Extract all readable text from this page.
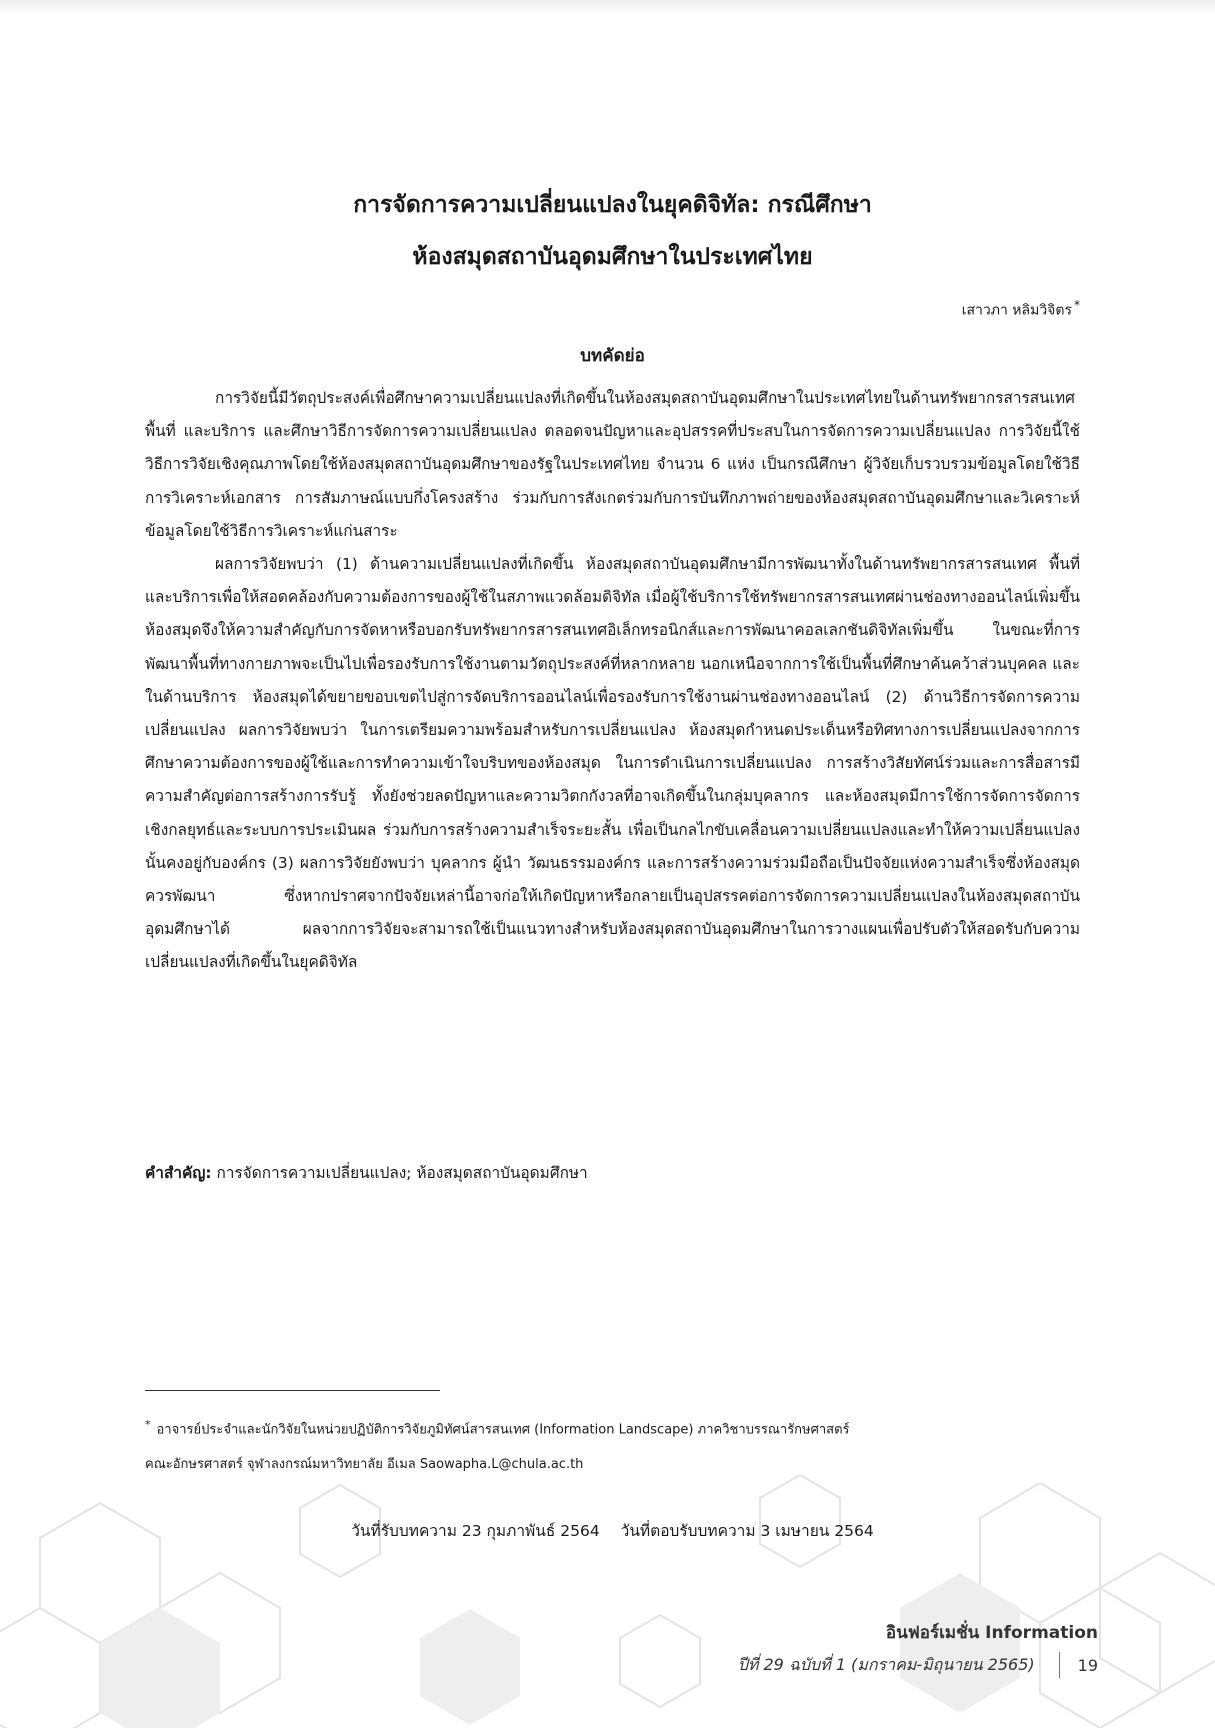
การจัดการความเปลี่ยนแปลงในยุคดิจิทัล: กรณีศึกษา
ห้องสมุดสถาบันอุดมศึกษาในประเทศไทย
เสาวภา หลิมวิจิตร *
บทคัดย่อ

การวิจัยนี้มีวัตถุประสงค์เพื่อศึกษาความเปลี่ยนแปลงที่เกิดขึ้นในห้องสมุดสถาบันอุดมศึกษาในประเทศไทยในด้านทรัพยากรสารสนเทศ พื้นที่ และบริการ และศึกษาวิธีการจัดการความเปลี่ยนแปลง ตลอดจนปัญหาและอุปสรรคที่ประสบในการจัดการความเปลี่ยนแปลง การวิจัยนี้ใช้วิธีการวิจัยเชิงคุณภาพโดยใช้ห้องสมุดสถาบันอุดมศึกษาของรัฐในประเทศไทย จำนวน 6 แห่ง เป็นกรณีศึกษา ผู้วิจัยเก็บรวบรวมข้อมูลโดยใช้วิธีการวิเคราะห์เอกสาร การสัมภาษณ์แบบกึ่งโครงสร้าง ร่วมกับการสังเกตร่วมกับการบันทึกภาพถ่ายของห้องสมุดสถาบันอุดมศึกษาและวิเคราะห์ข้อมูลโดยใช้วิธีการวิเคราะห์แก่นสาระ

ผลการวิจัยพบว่า (1) ด้านความเปลี่ยนแปลงที่เกิดขึ้น ห้องสมุดสถาบันอุดมศึกษามีการพัฒนาทั้งในด้านทรัพยากรสารสนเทศ พื้นที่ และบริการเพื่อให้สอดคล้องกับความต้องการของผู้ใช้ในสภาพแวดล้อมดิจิทัล เมื่อผู้ใช้บริการใช้ทรัพยากรสารสนเทศผ่านช่องทางออนไลน์เพิ่มขึ้น ห้องสมุดจึงให้ความสำคัญกับการจัดหาหรือบอกรับทรัพยากรสารสนเทศอิเล็กทรอนิกส์และการพัฒนาคอลเลกชันดิจิทัลเพิ่มขึ้น ในขณะที่การพัฒนาพื้นที่ทางกายภาพจะเป็นไปเพื่อรองรับการใช้งานตามวัตถุประสงค์ที่หลากหลาย นอกเหนือจากการใช้เป็นพื้นที่ศึกษาค้นคว้าส่วนบุคคล และในด้านบริการ ห้องสมุดได้ขยายขอบเขตไปสู่การจัดบริการออนไลน์เพื่อรองรับการใช้งานผ่านช่องทางออนไลน์ (2) ด้านวิธีการจัดการความเปลี่ยนแปลง ผลการวิจัยพบว่า ในการเตรียมความพร้อมสำหรับการเปลี่ยนแปลง ห้องสมุดกำหนดประเด็นหรือทิศทางการเปลี่ยนแปลงจากการศึกษาความต้องการของผู้ใช้และการทำความเข้าใจบริบทของห้องสมุด ในการดำเนินการเปลี่ยนแปลง การสร้างวิสัยทัศน์ร่วมและการสื่อสารมีความสำคัญต่อการสร้างการรับรู้ ทั้งยังช่วยลดปัญหาและความวิตกกังวลที่อาจเกิดขึ้นในกลุ่มบุคลากร และห้องสมุดมีการใช้การจัดการจัดการเชิงกลยุทธ์และระบบการประเมินผล ร่วมกับการสร้างความสำเร็จระยะสั้น เพื่อเป็นกลไกขับเคลื่อนความเปลี่ยนแปลงและทำให้ความเปลี่ยนแปลงนั้นคงอยู่กับองค์กร (3) ผลการวิจัยยังพบว่า บุคลากร ผู้นำ วัฒนธรรมองค์กร และการสร้างความร่วมมือถือเป็นปัจจัยแห่งความสำเร็จซึ่งห้องสมุดควรพัฒนา ซึ่งหากปราศจากปัจจัยเหล่านี้อาจก่อให้เกิดปัญหาหรือกลายเป็นอุปสรรคต่อการจัดการความเปลี่ยนแปลงในห้องสมุดสถาบันอุดมศึกษาได้ ผลจากการวิจัยจะสามารถใช้เป็นแนวทางสำหรับห้องสมุดสถาบันอุดมศึกษาในการวางแผนเพื่อปรับตัวให้สอดรับกับความเปลี่ยนแปลงที่เกิดขึ้นในยุคดิจิทัล

คำสำคัญ: การจัดการความเปลี่ยนแปลง; ห้องสมุดสถาบันอุดมศึกษา
* อาจารย์ประจำและนักวิจัยในหน่วยปฏิบัติการวิจัยภูมิทัศน์สารสนเทศ (Information Landscape) ภาควิชาบรรณารักษศาสตร์
คณะอักษรศาสตร์ จุฬาลงกรณ์มหาวิทยาลัย อีเมล Saowapha.L@chula.ac.th
วันที่รับบทความ 23 กุมภาพันธ์ 2564 วันที่ตอบรับบทความ 3 เมษายน 2564
อินฟอร์เมชั่น Information
ปีที่ 29 ฉบับที่ 1 (มกราคม-มิถุนายน 2565)	19
